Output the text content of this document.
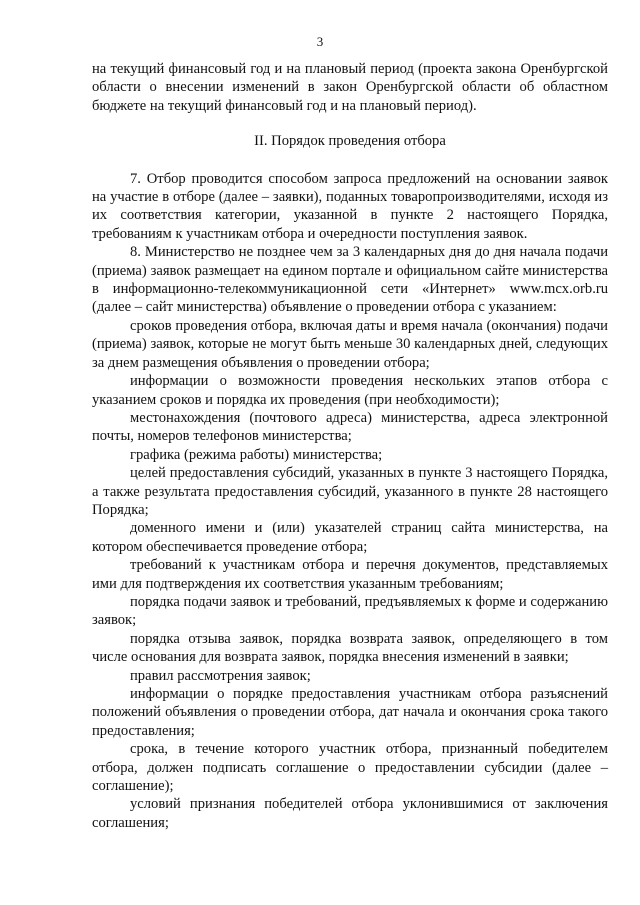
3

на текущий финансовый год и на плановый период (проекта закона Оренбургской области о внесении изменений в закон Оренбургской области об областном бюджете на текущий финансовый год и на плановый период).

II. Порядок проведения отбора

7. Отбор проводится способом запроса предложений на основании заявок на участие в отборе (далее – заявки), поданных товаропроизводителями, исходя из их соответствия категории, указанной в пункте 2 настоящего Порядка, требованиям к участникам отбора и очередности поступления заявок.

8. Министерство не позднее чем за 3 календарных дня до дня начала подачи (приема) заявок размещает на едином портале и официальном сайте министерства в информационно-телекоммуникационной сети «Интернет» www.mcx.orb.ru (далее – сайт министерства) объявление о проведении отбора с указанием:

сроков проведения отбора, включая даты и время начала (окончания) подачи (приема) заявок, которые не могут быть меньше 30 календарных дней, следующих за днем размещения объявления о проведении отбора;

информации о возможности проведения нескольких этапов отбора с указанием сроков и порядка их проведения (при необходимости);

местонахождения (почтового адреса) министерства, адреса электронной почты, номеров телефонов министерства;

графика (режима работы) министерства;

целей предоставления субсидий, указанных в пункте 3 настоящего Порядка, а также результата предоставления субсидий, указанного в пункте 28 настоящего Порядка;

доменного имени и (или) указателей страниц сайта министерства, на котором обеспечивается проведение отбора;

требований к участникам отбора и перечня документов, представляемых ими для подтверждения их соответствия указанным требованиям;

порядка подачи заявок и требований, предъявляемых к форме и содержанию заявок;

порядка отзыва заявок, порядка возврата заявок, определяющего в том числе основания для возврата заявок, порядка внесения изменений в заявки;

правил рассмотрения заявок;

информации о порядке предоставления участникам отбора разъяснений положений объявления о проведении отбора, дат начала и окончания срока такого предоставления;

срока, в течение которого участник отбора, признанный победителем отбора, должен подписать соглашение о предоставлении субсидии (далее – соглашение);

условий признания победителей отбора уклонившимися от заключения соглашения;
